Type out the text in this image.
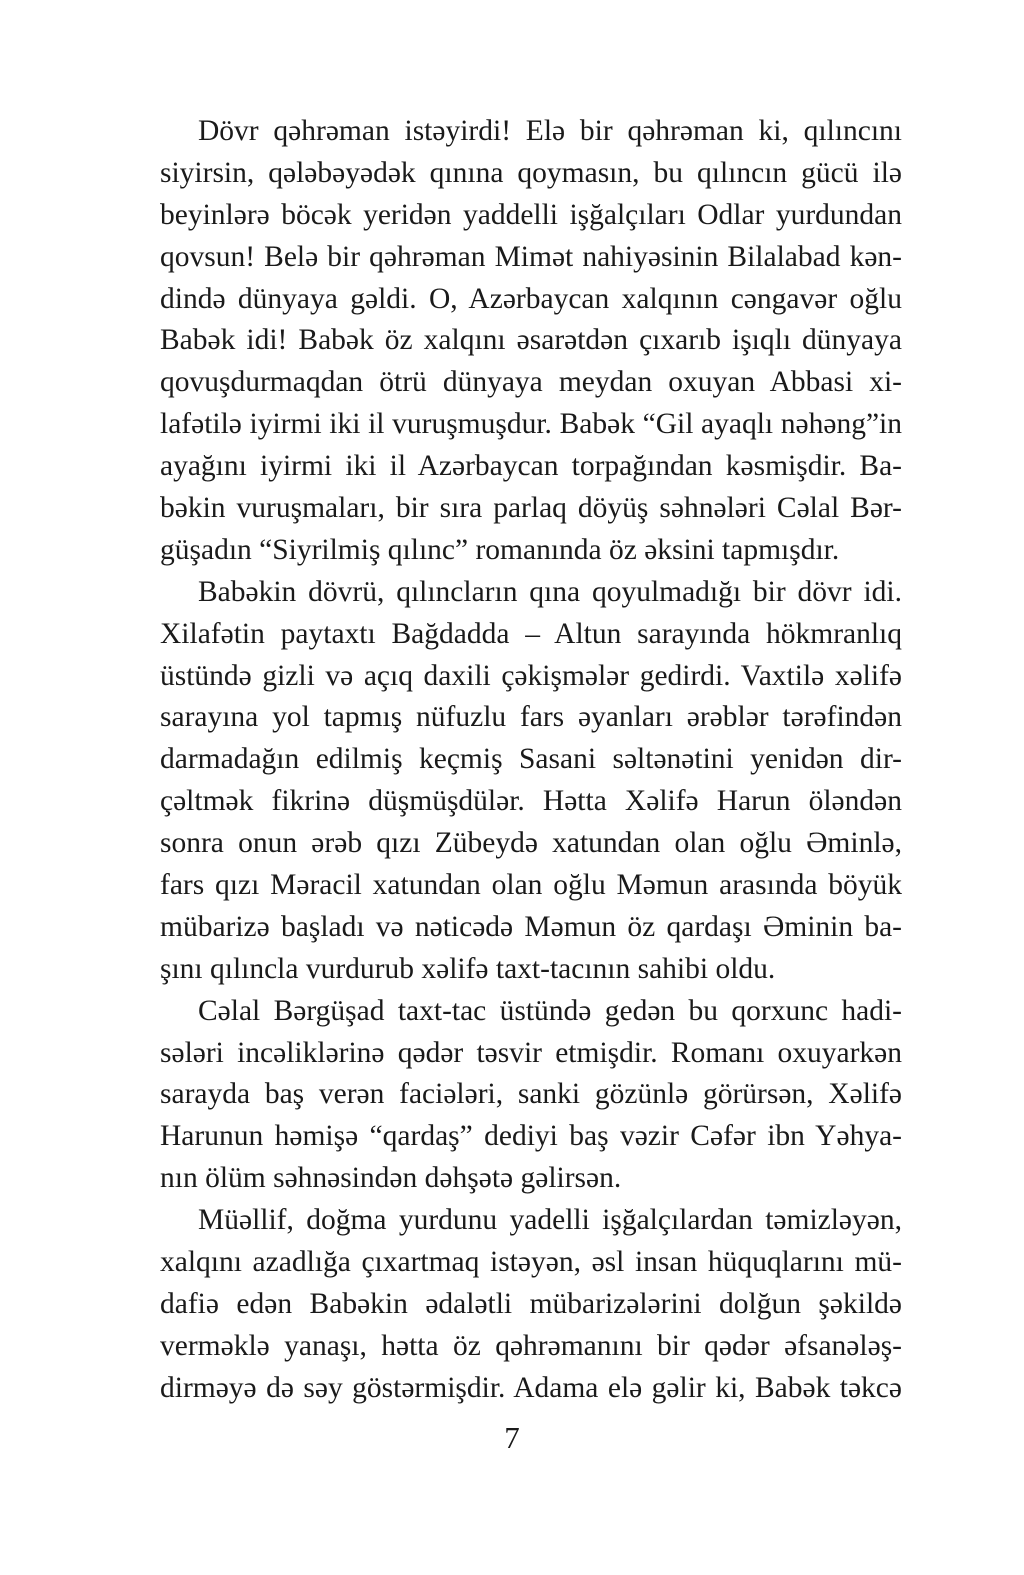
Dövr qəhrəman istəyirdi! Elə bir qəhrəman ki, qılıncını
siyirsin, qələbəyədək qınına qoymasın, bu qılıncın gücü ilə
beyinlərə böcək yeridən yaddelli işğalçıları Odlar yurdundan
qovsun! Belə bir qəhrəman Mimət nahiyəsinin Bilalabad kən-
dində dünyaya gəldi. O, Azərbaycan xalqının cəngavər oğlu
Babək idi! Babək öz xalqını əsarətdən çıxarıb işıqlı dünyaya
qovuşdurmaqdan ötrü dünyaya meydan oxuyan Abbasi xi-
lafətilə iyirmi iki il vuruşmuşdur. Babək “Gil ayaqlı nəhəng”in
ayağını iyirmi iki il Azərbaycan torpağından kəsmişdir. Ba-
bəkin vuruşmaları, bir sıra parlaq döyüş səhnələri Cəlal Bər-
güşadın “Siyrilmiş qılınc” romanında öz əksini tapmışdır.
Babəkin dövrü, qılıncların qına qoyulmadığı bir dövr idi.
Xilafətin paytaxtı Bağdadda – Altun sarayında hökmranlıq
üstündə gizli və açıq daxili çəkişmələr gedirdi. Vaxtilə xəlifə
sarayına yol tapmış nüfuzlu fars əyanları ərəblər tərəfindən
darmadağın edilmiş keçmiş Sasani səltənətini yenidən dir-
çəltmək fikrinə düşmüşdülər. Hətta Xəlifə Harun öləndən
sonra onun ərəb qızı Zübeydə xatundan olan oğlu Əminlə,
fars qızı Məracil xatundan olan oğlu Məmun arasında böyük
mübarizə başladı və nəticədə Məmun öz qardaşı Əminin ba-
şını qılıncla vurdurub xəlifə taxt-tacının sahibi oldu.
Cəlal Bərgüşad taxt-tac üstündə gedən bu qorxunc hadi-
sələri incəliklərinə qədər təsvir etmişdir. Romanı oxuyarkən
sarayda baş verən faciələri, sanki gözünlə görürsən, Xəlifə
Harunun həmişə “qardaş” dediyi baş vəzir Cəfər ibn Yəhya-
nın ölüm səhnəsindən dəhşətə gəlirsən.
Müəllif, doğma yurdunu yadelli işğalçılardan təmizləyən,
xalqını azadlığa çıxartmaq istəyən, əsl insan hüquqlarını mü-
dafiə edən Babəkin ədalətli mübarizələrini dolğun şəkildə
verməklə yanaşı, hətta öz qəhrəmanını bir qədər əfsanələş-
dirməyə də səy göstərmişdir. Adama elə gəlir ki, Babək təkcə
7
